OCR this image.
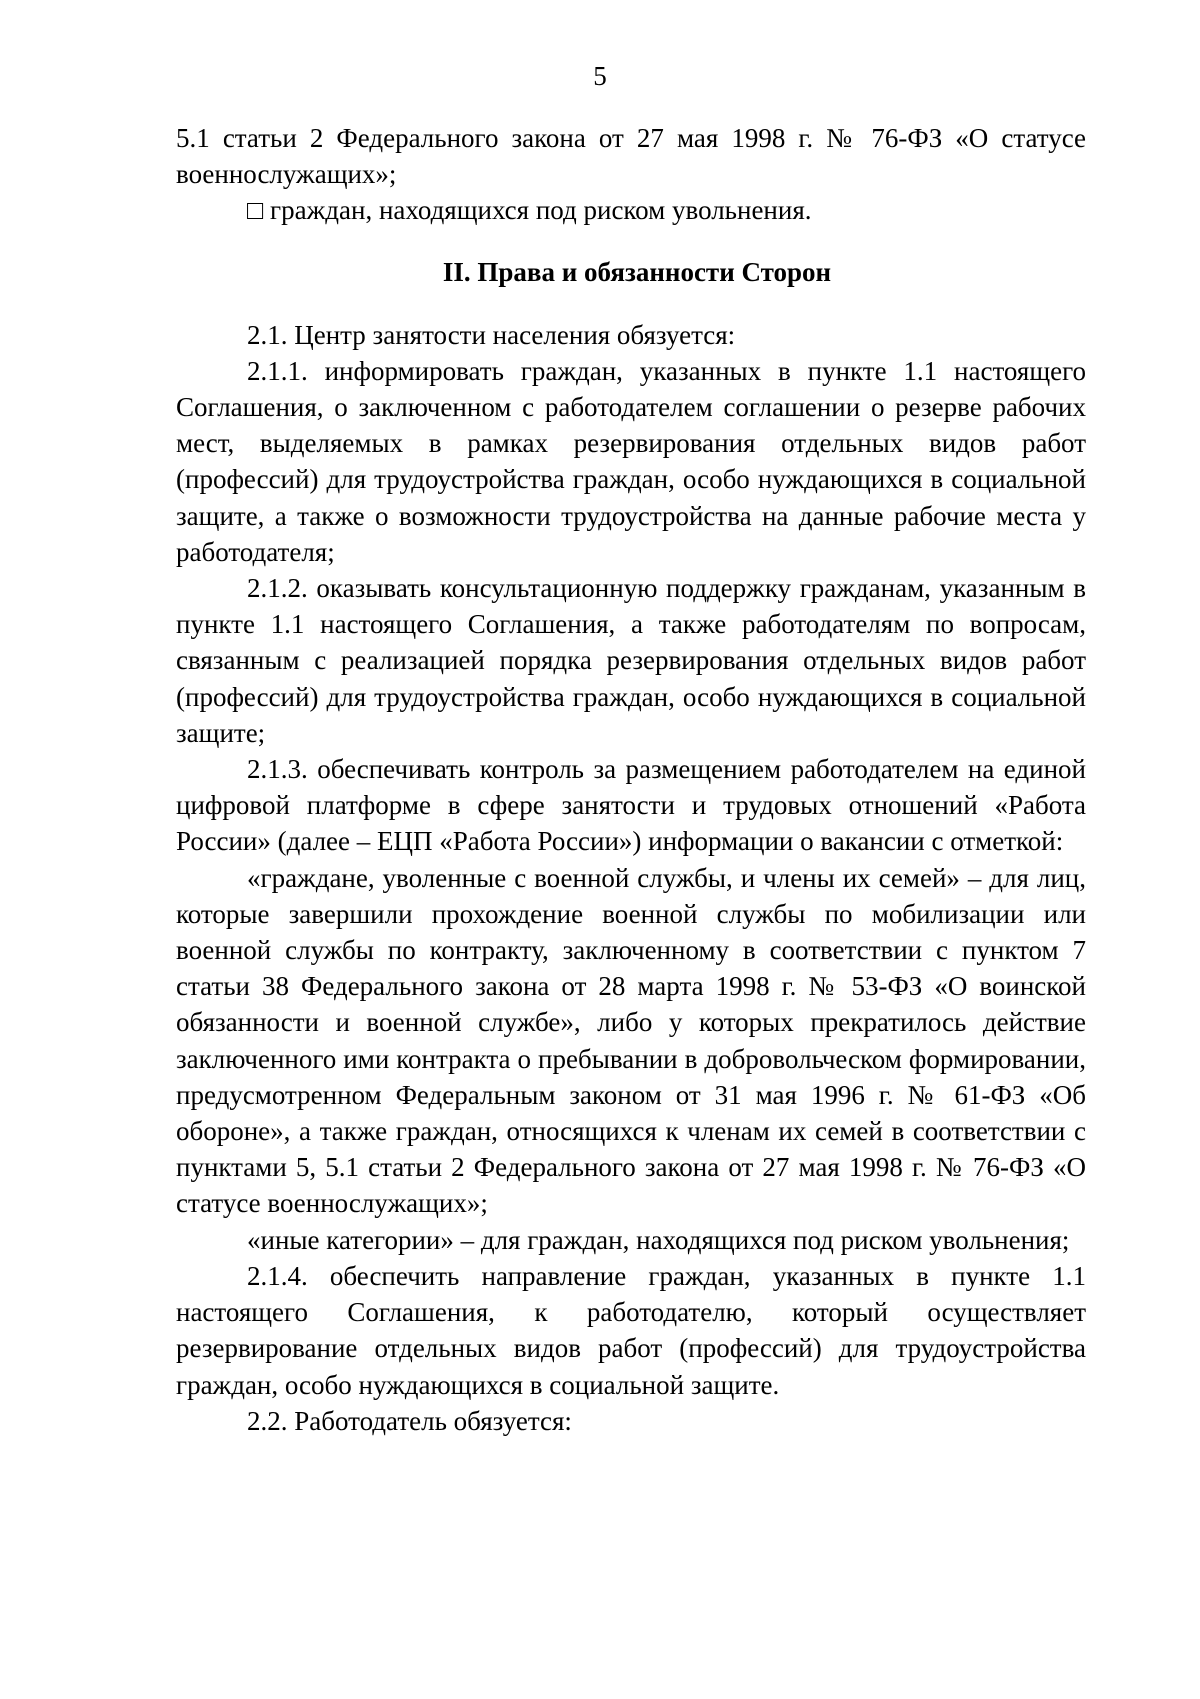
5

5.1 статьи 2 Федерального закона от 27 мая 1998 г. № 76-ФЗ «О статусе военнослужащих»;

□ граждан, находящихся под риском увольнения.

II. Права и обязанности Сторон

2.1. Центр занятости населения обязуется:

2.1.1. информировать граждан, указанных в пункте 1.1 настоящего Соглашения, о заключенном с работодателем соглашении о резерве рабочих мест, выделяемых в рамках резервирования отдельных видов работ (профессий) для трудоустройства граждан, особо нуждающихся в социальной защите, а также о возможности трудоустройства на данные рабочие места у работодателя;

2.1.2. оказывать консультационную поддержку гражданам, указанным в пункте 1.1 настоящего Соглашения, а также работодателям по вопросам, связанным с реализацией порядка резервирования отдельных видов работ (профессий) для трудоустройства граждан, особо нуждающихся в социальной защите;

2.1.3. обеспечивать контроль за размещением работодателем на единой цифровой платформе в сфере занятости и трудовых отношений «Работа России» (далее – ЕЦП «Работа России») информации о вакансии с отметкой:

«граждане, уволенные с военной службы, и члены их семей» – для лиц, которые завершили прохождение военной службы по мобилизации или военной службы по контракту, заключенному в соответствии с пунктом 7 статьи 38 Федерального закона от 28 марта 1998 г. № 53-ФЗ «О воинской обязанности и военной службе», либо у которых прекратилось действие заключенного ими контракта о пребывании в добровольческом формировании, предусмотренном Федеральным законом от 31 мая 1996 г. № 61-ФЗ «Об обороне», а также граждан, относящихся к членам их семей в соответствии с пунктами 5, 5.1 статьи 2 Федерального закона от 27 мая 1998 г. № 76-ФЗ «О статусе военнослужащих»;

«иные категории» – для граждан, находящихся под риском увольнения;

2.1.4. обеспечить направление граждан, указанных в пункте 1.1 настоящего Соглашения, к работодателю, который осуществляет резервирование отдельных видов работ (профессий) для трудоустройства граждан, особо нуждающихся в социальной защите.

2.2. Работодатель обязуется:
